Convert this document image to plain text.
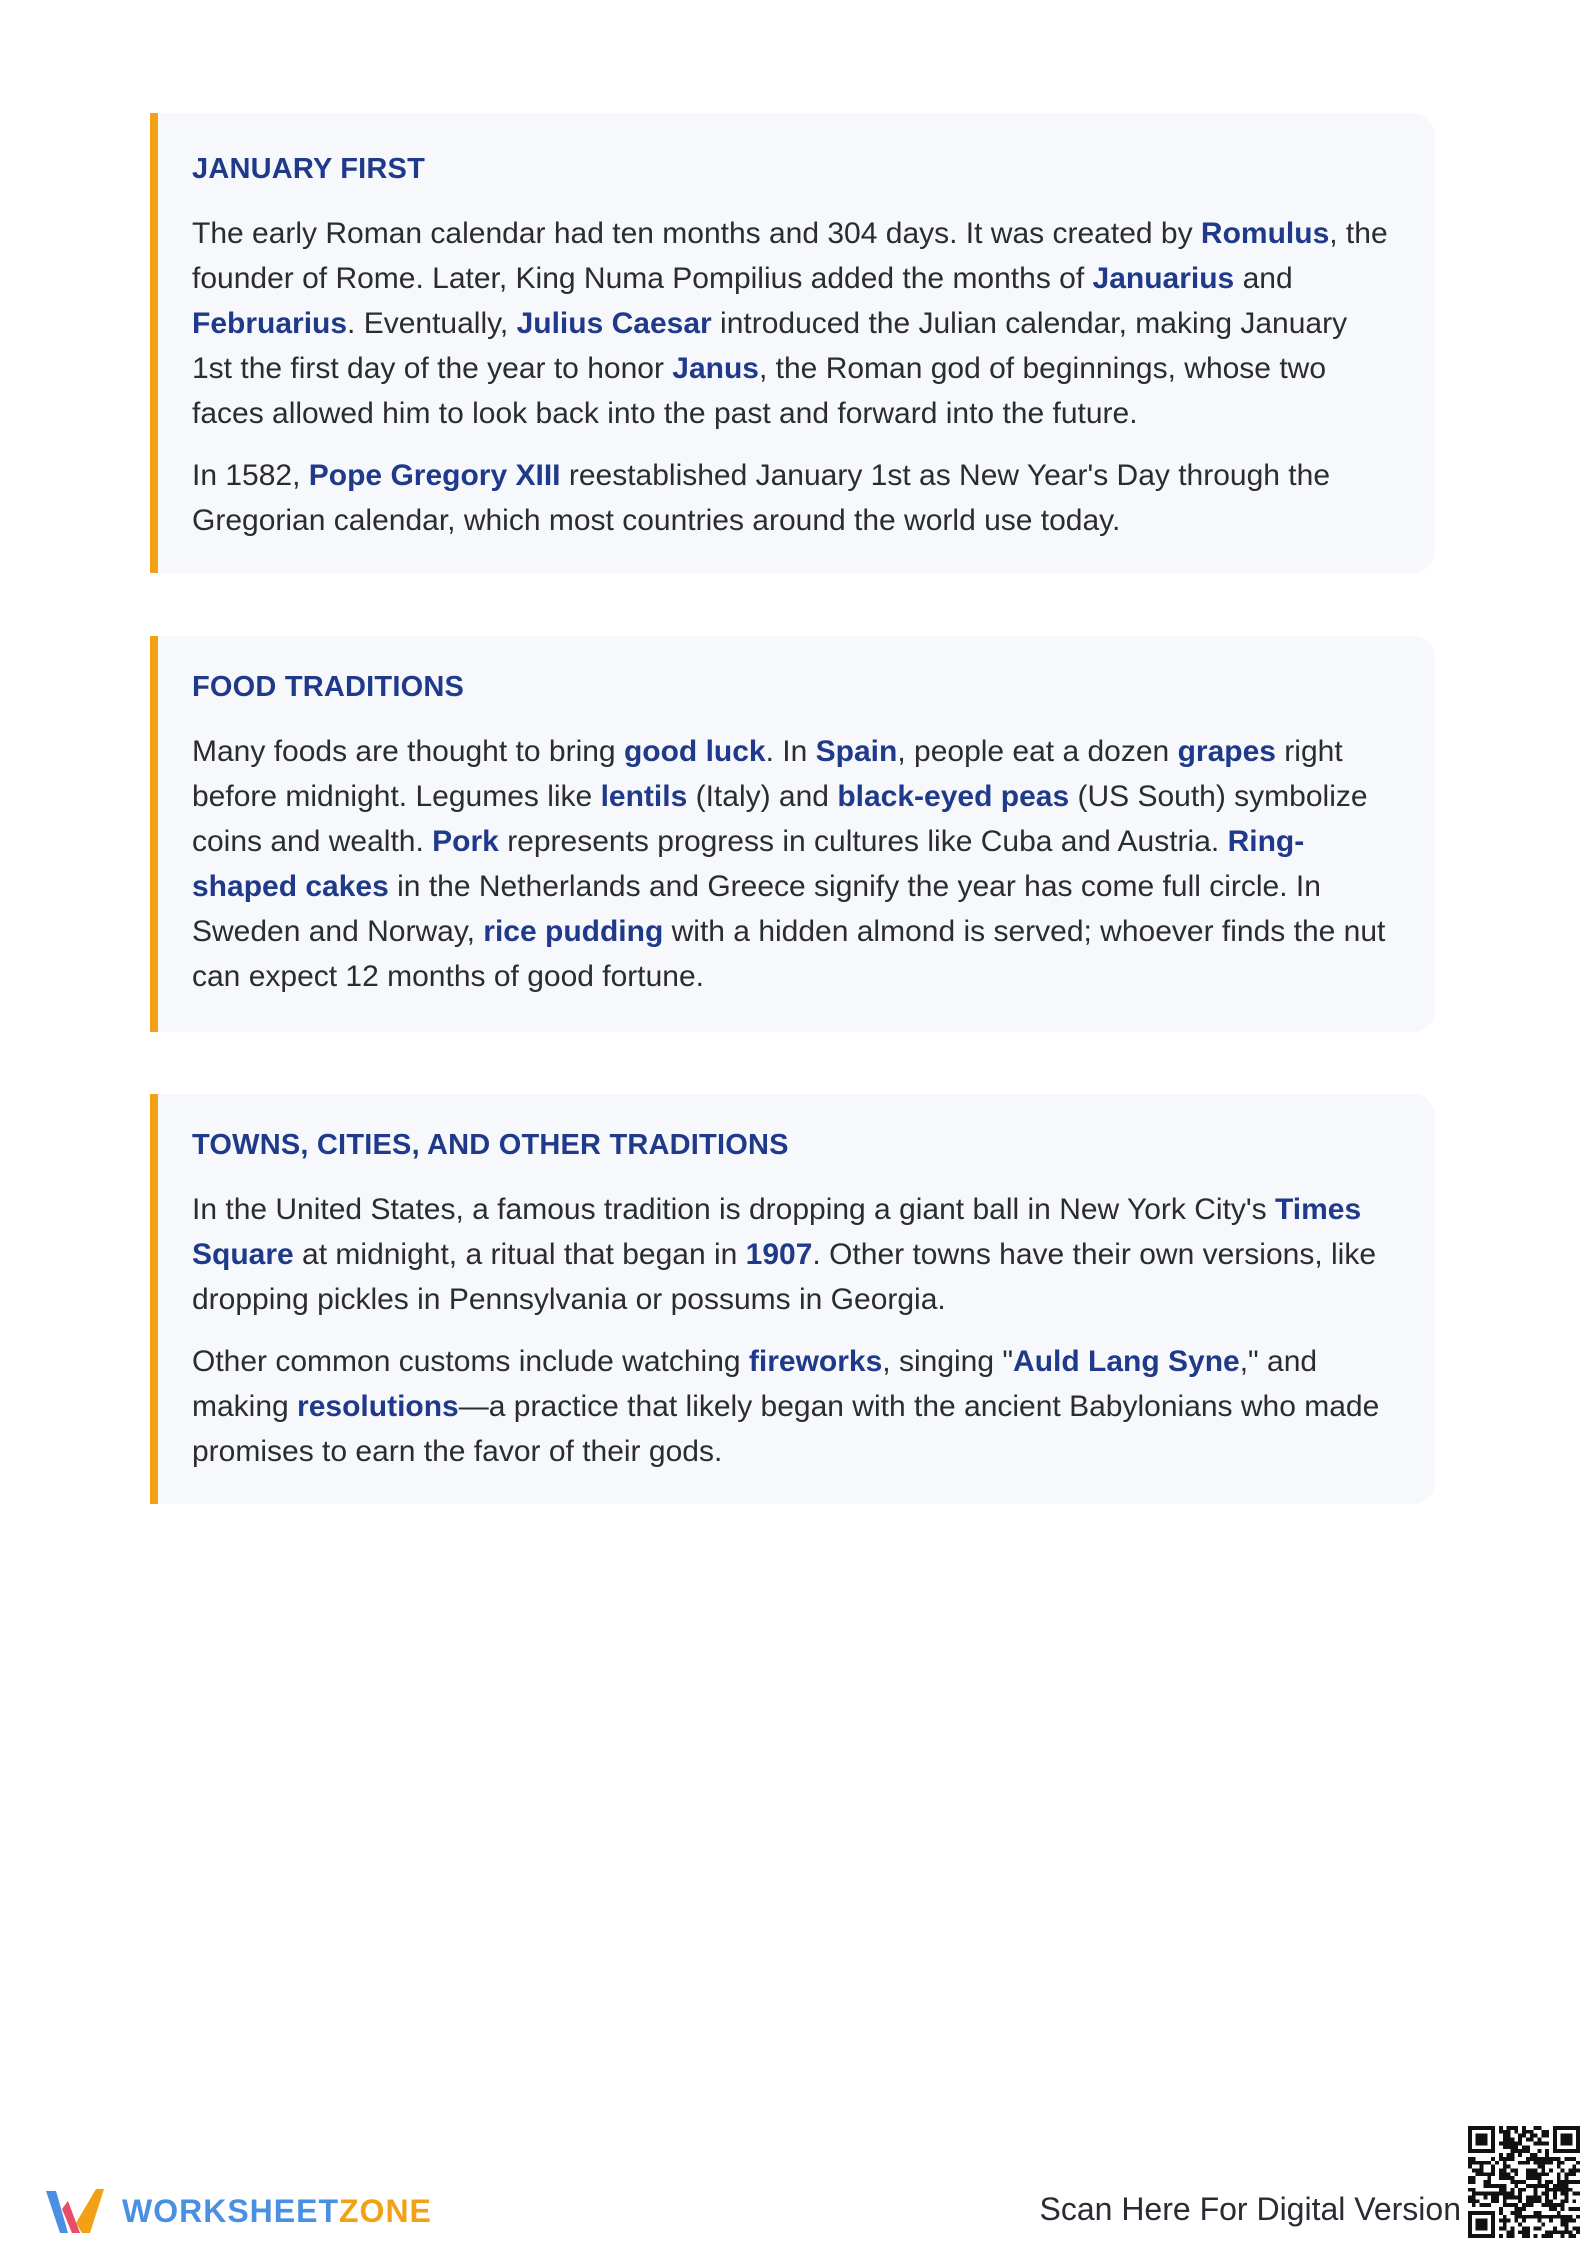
JANUARY FIRST

The early Roman calendar had ten months and 304 days. It was created by Romulus, the founder of Rome. Later, King Numa Pompilius added the months of Januarius and Februarius. Eventually, Julius Caesar introduced the Julian calendar, making January 1st the first day of the year to honor Janus, the Roman god of beginnings, whose two faces allowed him to look back into the past and forward into the future.

In 1582, Pope Gregory XIII reestablished January 1st as New Year's Day through the Gregorian calendar, which most countries around the world use today.

FOOD TRADITIONS

Many foods are thought to bring good luck. In Spain, people eat a dozen grapes right before midnight. Legumes like lentils (Italy) and black-eyed peas (US South) symbolize coins and wealth. Pork represents progress in cultures like Cuba and Austria. Ring-shaped cakes in the Netherlands and Greece signify the year has come full circle. In Sweden and Norway, rice pudding with a hidden almond is served; whoever finds the nut can expect 12 months of good fortune.

TOWNS, CITIES, AND OTHER TRADITIONS

In the United States, a famous tradition is dropping a giant ball in New York City's Times Square at midnight, a ritual that began in 1907. Other towns have their own versions, like dropping pickles in Pennsylvania or possums in Georgia.

Other common customs include watching fireworks, singing "Auld Lang Syne," and making resolutions—a practice that likely began with the ancient Babylonians who made promises to earn the favor of their gods.

WORKSHEETZONE	Scan Here For Digital Version
